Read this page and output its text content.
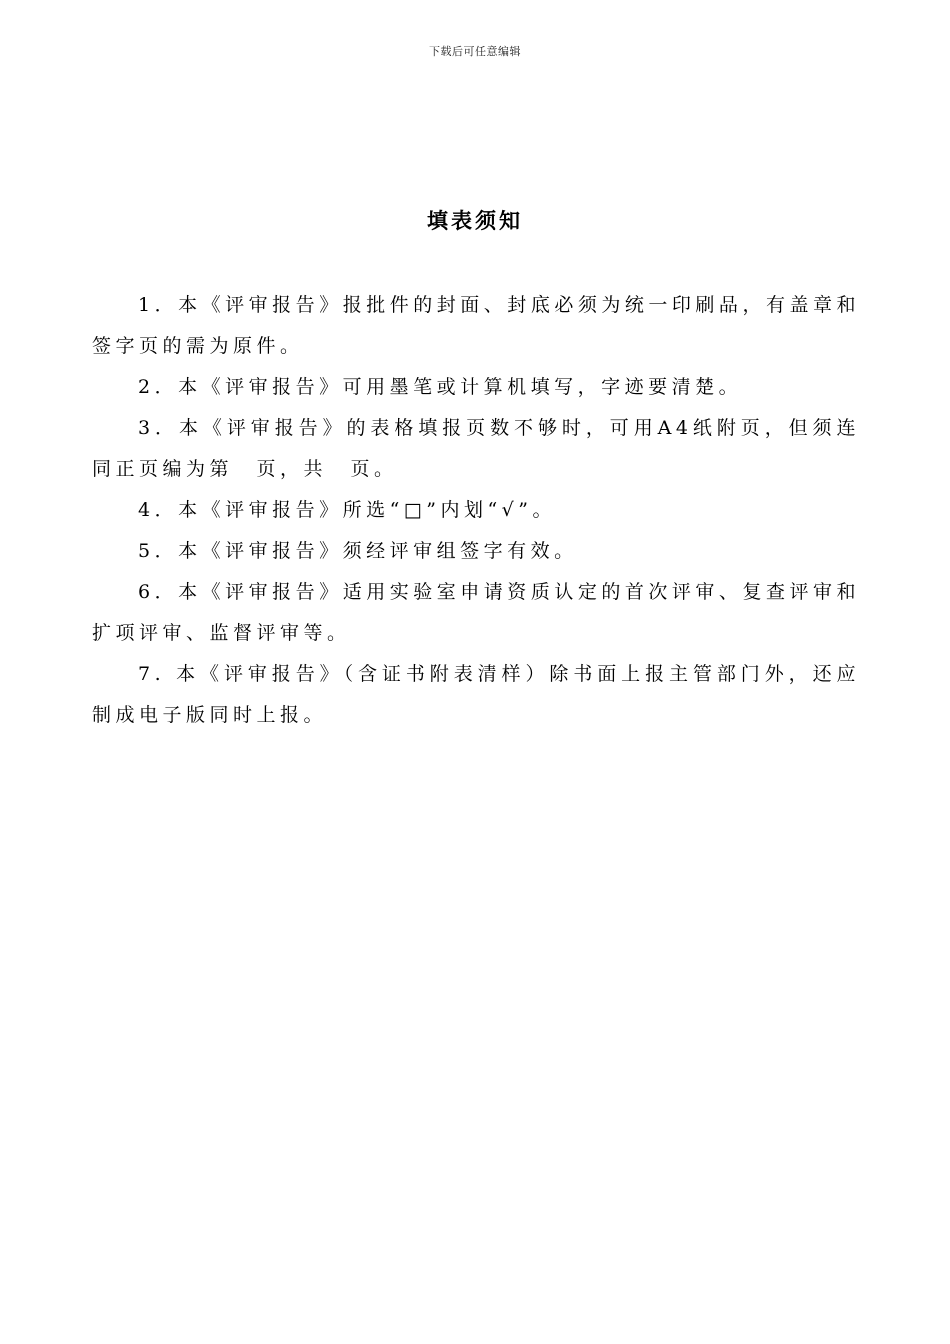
下载后可任意编辑
填表须知
1．本《评审报告》报批件的封面、封底必须为统一印刷品，有盖章和签字页的需为原件。
2．本《评审报告》可用墨笔或计算机填写，字迹要清楚。
3．本《评审报告》的表格填报页数不够时，可用A4纸附页，但须连同正页编为第　页，共　页。
4．本《评审报告》所选“□”内划“√”。
5．本《评审报告》须经评审组签字有效。
6．本《评审报告》适用实验室申请资质认定的首次评审、复查评审和扩项评审、监督评审等。
7. 本《评审报告》（含证书附表清样）除书面上报主管部门外，还应制成电子版同时上报。
